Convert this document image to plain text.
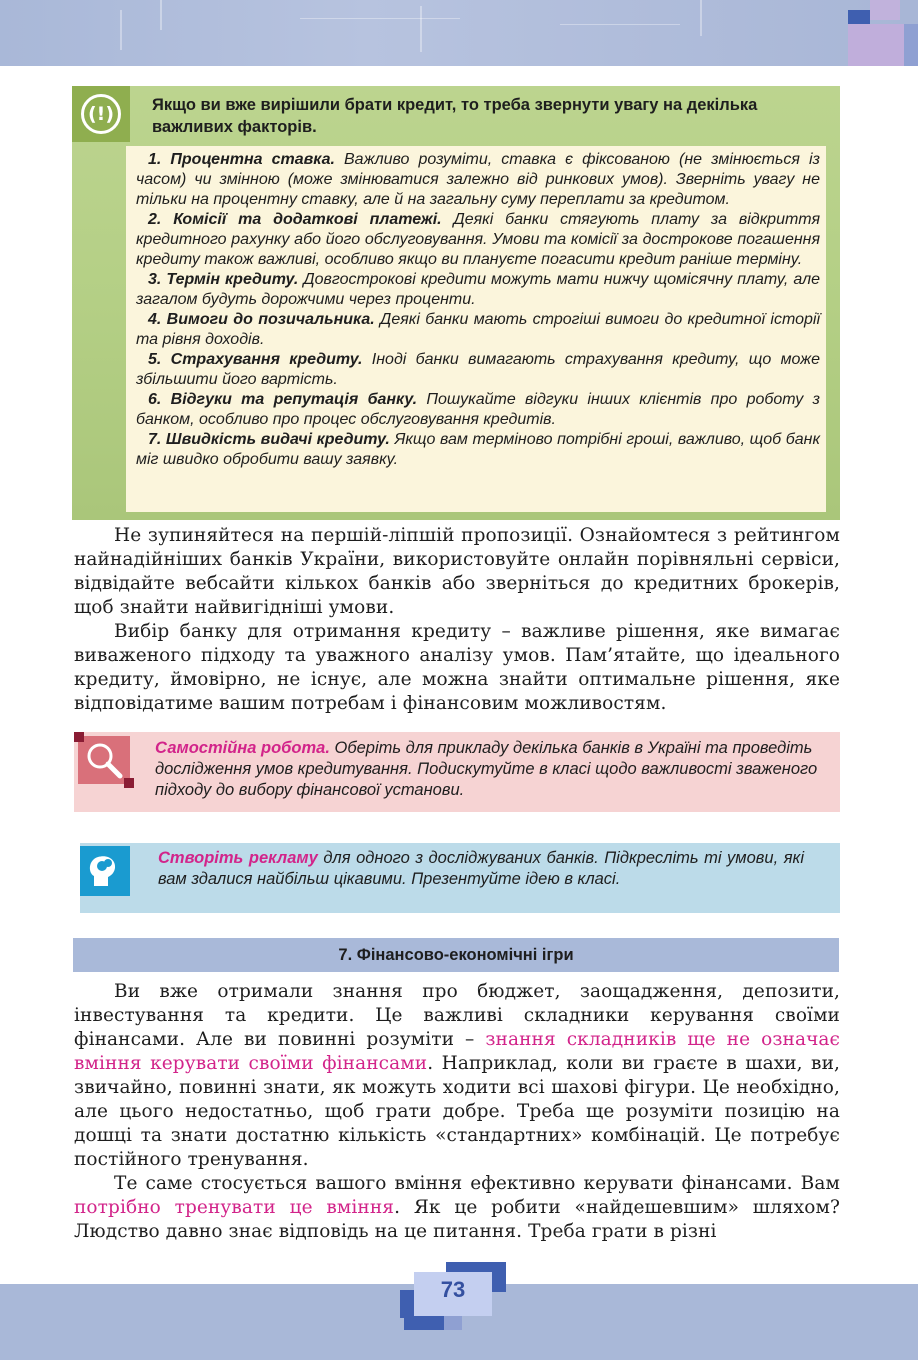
(!)	Якщо ви вже вирішили брати кредит, то треба звернути увагу на декілька важливих факторів.

1. Процентна ставка. Важливо розуміти, ставка є фіксованою (не змінюється із часом) чи змінною (може змінюватися залежно від ринкових умов). Зверніть увагу не тільки на процентну ставку, але й на загальну суму переплати за кредитом.

2. Комісії та додаткові платежі. Деякі банки стягують плату за відкриття кредитного рахунку або його обслуговування. Умови та комісії за дострокове погашення кредиту також важливі, особливо якщо ви плануєте погасити кредит раніше терміну.

3. Термін кредиту. Довгострокові кредити можуть мати нижчу щомісячну плату, але загалом будуть дорожчими через проценти.

4. Вимоги до позичальника. Деякі банки мають строгіші вимоги до кредитної історії та рівня доходів.

5. Страхування кредиту. Іноді банки вимагають страхування кредиту, що може збільшити його вартість.

6. Відгуки та репутація банку. Пошукайте відгуки інших клієнтів про роботу з банком, особливо про процес обслуговування кредитів.

7. Швидкість видачі кредиту. Якщо вам терміново потрібні гроші, важливо, щоб банк міг швидко обробити вашу заявку.

Не зупиняйтеся на першій-ліпшій пропозиції. Ознайомтеся з рейтингом найнадійніших банків України, використовуйте онлайн порівняльні сервіси, відвідайте вебсайти кількох банків або зверніться до кредитних брокерів, щоб знайти найвигідніші умови.

Вибір банку для отримання кредиту – важливе рішення, яке вимагає виваженого підходу та уважного аналізу умов. Пам’ятайте, що ідеального кредиту, ймовірно, не існує, але можна знайти оптимальне рішення, яке відповідатиме вашим потребам і фінансовим можливостям.

Самостійна робота. Оберіть для прикладу декілька банків в Україні та проведіть дослідження умов кредитування. Подискутуйте в класі щодо важливості зваженого підходу до вибору фінансової установи.
Створіть рекламу для одного з досліджуваних банків. Підкресліть ті умови, які вам здалися найбільш цікавими. Презентуйте ідею в класі.
7. Фінансово-економічні ігри

Ви вже отримали знання про бюджет, заощадження, депозити, інвестування та кредити. Це важливі складники керування своїми фінансами. Але ви повинні розуміти – знання складників ще не означає вміння керувати своїми фінансами. Наприклад, коли ви граєте в шахи, ви, звичайно, повинні знати, як можуть ходити всі шахові фігури. Це необхідно, але цього недостатньо, щоб грати добре. Треба ще розуміти позицію на дошці та знати достатню кількість «стандартних» комбінацій. Це потребує постійного тренування.

Те саме стосується вашого вміння ефективно керувати фінансами. Вам потрібно тренувати це вміння. Як це робити «найдешевшим» шляхом? Людство давно знає відповідь на це питання. Треба грати в різні

73
